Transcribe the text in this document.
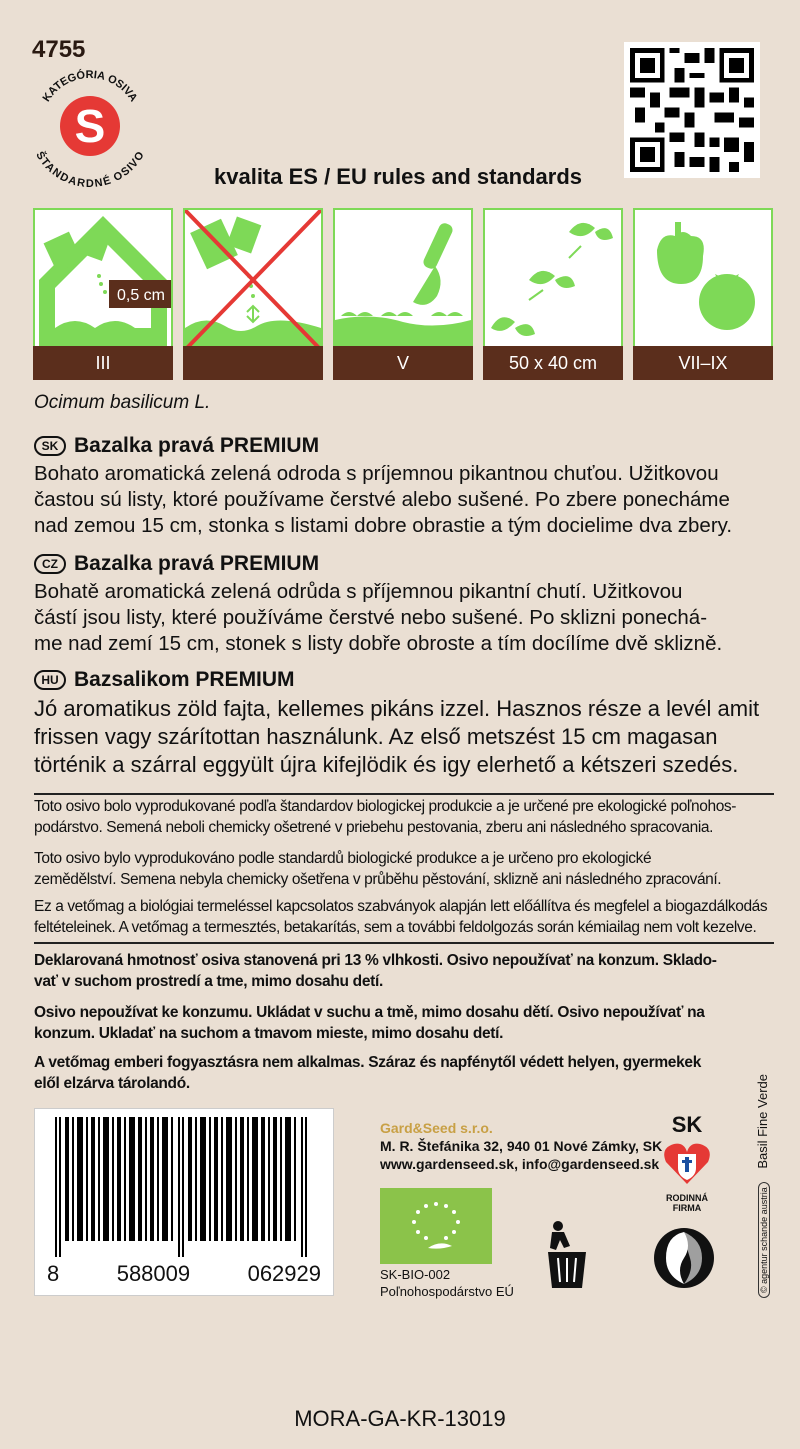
4755
KATEGÓRIA OSIVA
ŠTANDARDNÉ OSIVO
S
kvalita ES / EU rules and standards
0,5 cm
III	V	50 x 40 cm	VII–IX
Ocimum basilicum L.
SK Bazalka pravá PREMIUM
Bohato aromatická zelená odroda s príjemnou pikantnou chuťou. Užitkovou
častou sú listy, ktoré používame čerstvé alebo sušené. Po zbere ponecháme
nad zemou 15 cm, stonka s listami dobre obrastie a tým docielime dva zbery.
CZ Bazalka pravá PREMIUM
Bohatě aromatická zelená odrůda s příjemnou pikantní chutí. Užitkovou
částí jsou listy, které používáme čerstvé nebo sušené. Po sklizni ponechá-
me nad zemí 15 cm, stonek s listy dobře obroste a tím docílíme dvě sklizně.
HU Bazsalikom PREMIUM
Jó aromatikus zöld fajta, kellemes pikáns izzel. Hasznos része a levél amit
frissen vagy szárítottan használunk. Az első metszést 15 cm magasan
történik a szárral eggyült újra kifejlödik és igy elerhető a kétszeri szedés.
Toto osivo bolo vyprodukované podľa štandardov biologickej produkcie a je určené pre ekologické poľnohos-
podárstvo. Semená neboli chemicky ošetrené v priebehu pestovania, zberu ani následného spracovania.
Toto osivo bylo vyprodukováno podle standardů biologické produkce a je určeno pro ekologické
zemědělství. Semena nebyla chemicky ošetřena v průběhu pěstování, sklizně ani následného zpracování.
Ez a vetőmag a biológiai termeléssel kapcsolatos szabványok alapján lett előállítva és megfelel a biogazdálkodás
feltételeinek. A vetőmag a termesztés, betakarítás, sem a további feldolgozás során kémiailag nem volt kezelve.
Deklarovaná hmotnosť osiva stanovená pri 13 % vlhkosti. Osivo nepoužívať na konzum. Sklado-
vať v suchom prostredí a tme, mimo dosahu detí.
Osivo nepoužívat ke konzumu. Ukládat v suchu a tmě, mimo dosahu dětí. Osivo nepoužívať na
konzum. Ukladať na suchom a tmavom mieste, mimo dosahu detí.
A vetőmag emberi fogyasztásra nem alkalmas. Száraz és napfénytől védett helyen, gyermekek
elől elzárva tárolandó.
8	588009	062929
Gard&Seed s.r.o.
M. R. Štefánika 32, 940 01 Nové Zámky, SK
www.gardenseed.sk, info@gardenseed.sk
SK-BIO-002
Poľnohospodárstvo EÚ
SK
RODINNÁ FIRMA	© agentur schande austria Basil Fine Verde
MORA-GA-KR-13019
